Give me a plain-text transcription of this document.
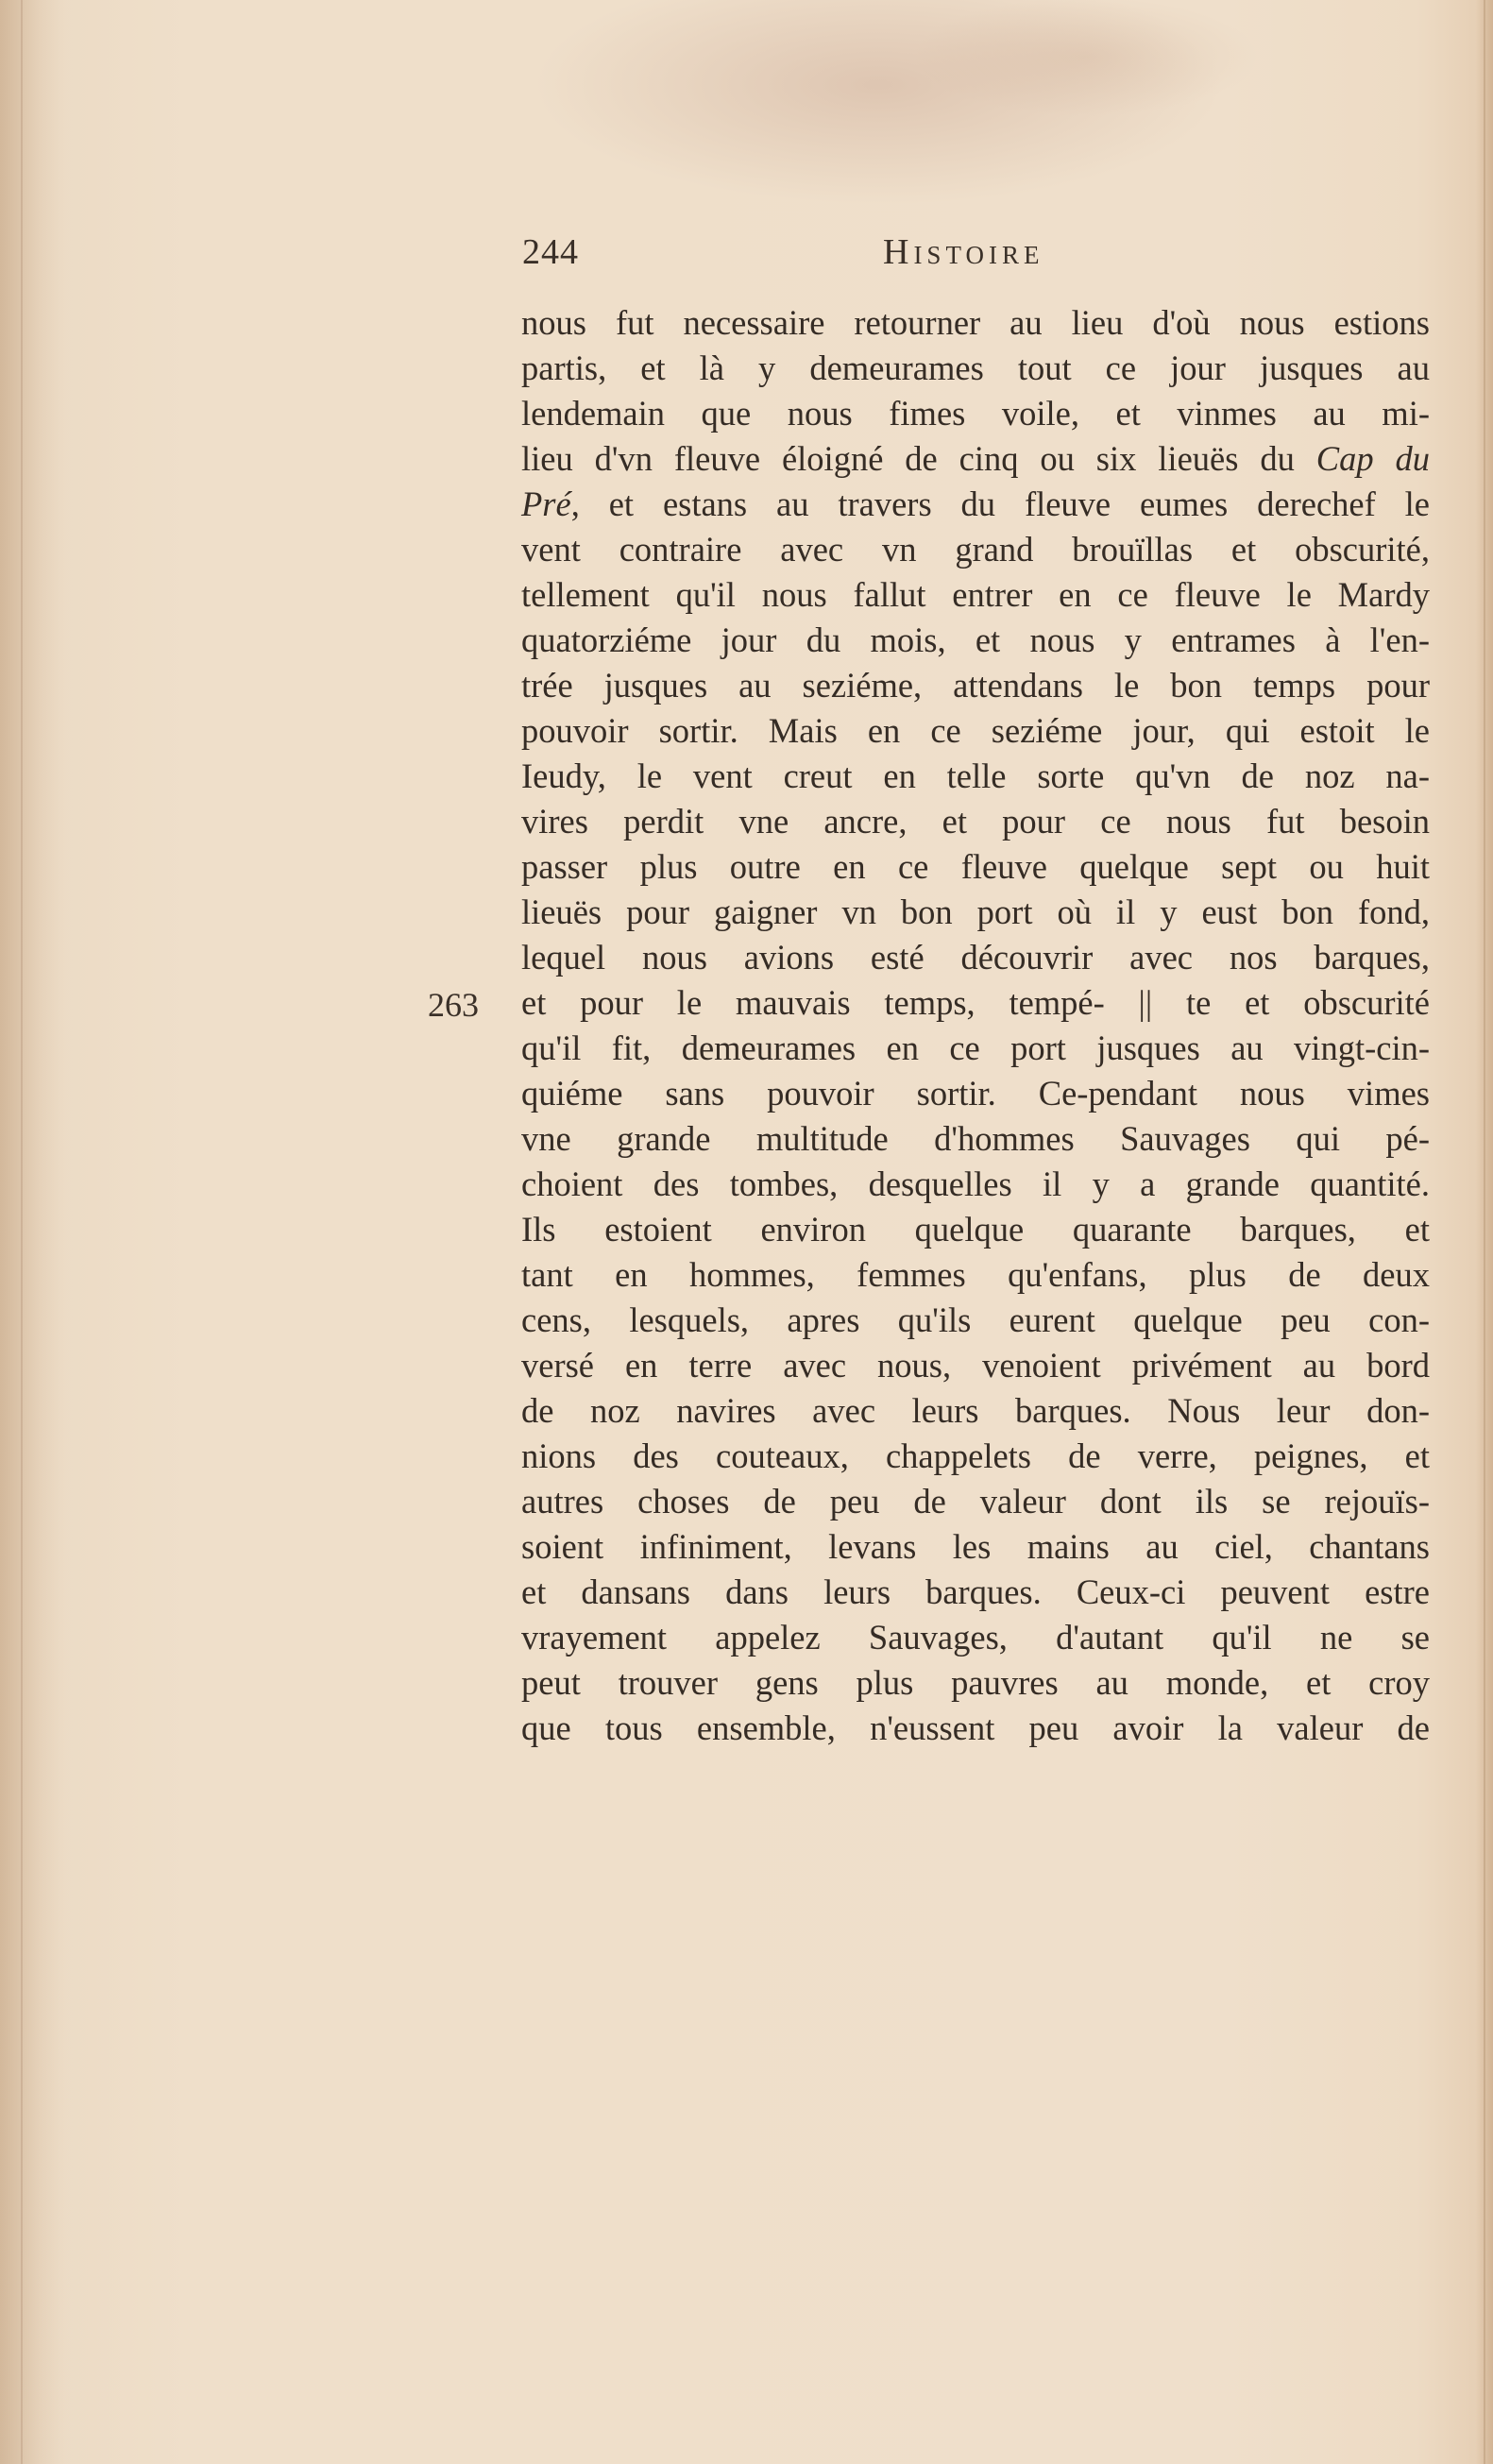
244	Histoire
263
nous fut necessaire retourner au lieu d'où nous estions
partis, et là y demeurames tout ce jour jusques au
lendemain que nous fimes voile, et vinmes au mi-
lieu d'vn fleuve éloigné de cinq ou six lieuës du Cap du
Pré, et estans au travers du fleuve eumes derechef le
vent contraire avec vn grand brouïllas et obscurité,
tellement qu'il nous fallut entrer en ce fleuve le Mardy
quatorziéme jour du mois, et nous y entrames à l'en-
trée jusques au seziéme, attendans le bon temps pour
pouvoir sortir. Mais en ce seziéme jour, qui estoit le
Ieudy, le vent creut en telle sorte qu'vn de noz na-
vires perdit vne ancre, et pour ce nous fut besoin
passer plus outre en ce fleuve quelque sept ou huit
lieuës pour gaigner vn bon port où il y eust bon fond,
lequel nous avions esté découvrir avec nos barques,
et pour le mauvais temps, tempé- || te et obscurité
qu'il fit, demeurames en ce port jusques au vingt-cin-
quiéme sans pouvoir sortir. Ce-pendant nous vimes
vne grande multitude d'hommes Sauvages qui pé-
choient des tombes, desquelles il y a grande quantité.
Ils estoient environ quelque quarante barques, et
tant en hommes, femmes qu'enfans, plus de deux
cens, lesquels, apres qu'ils eurent quelque peu con-
versé en terre avec nous, venoient privément au bord
de noz navires avec leurs barques. Nous leur don-
nions des couteaux, chappelets de verre, peignes, et
autres choses de peu de valeur dont ils se rejouïs-
soient infiniment, levans les mains au ciel, chantans
et dansans dans leurs barques. Ceux-ci peuvent estre
vrayement appelez Sauvages, d'autant qu'il ne se
peut trouver gens plus pauvres au monde, et croy
que tous ensemble, n'eussent peu avoir la valeur de
